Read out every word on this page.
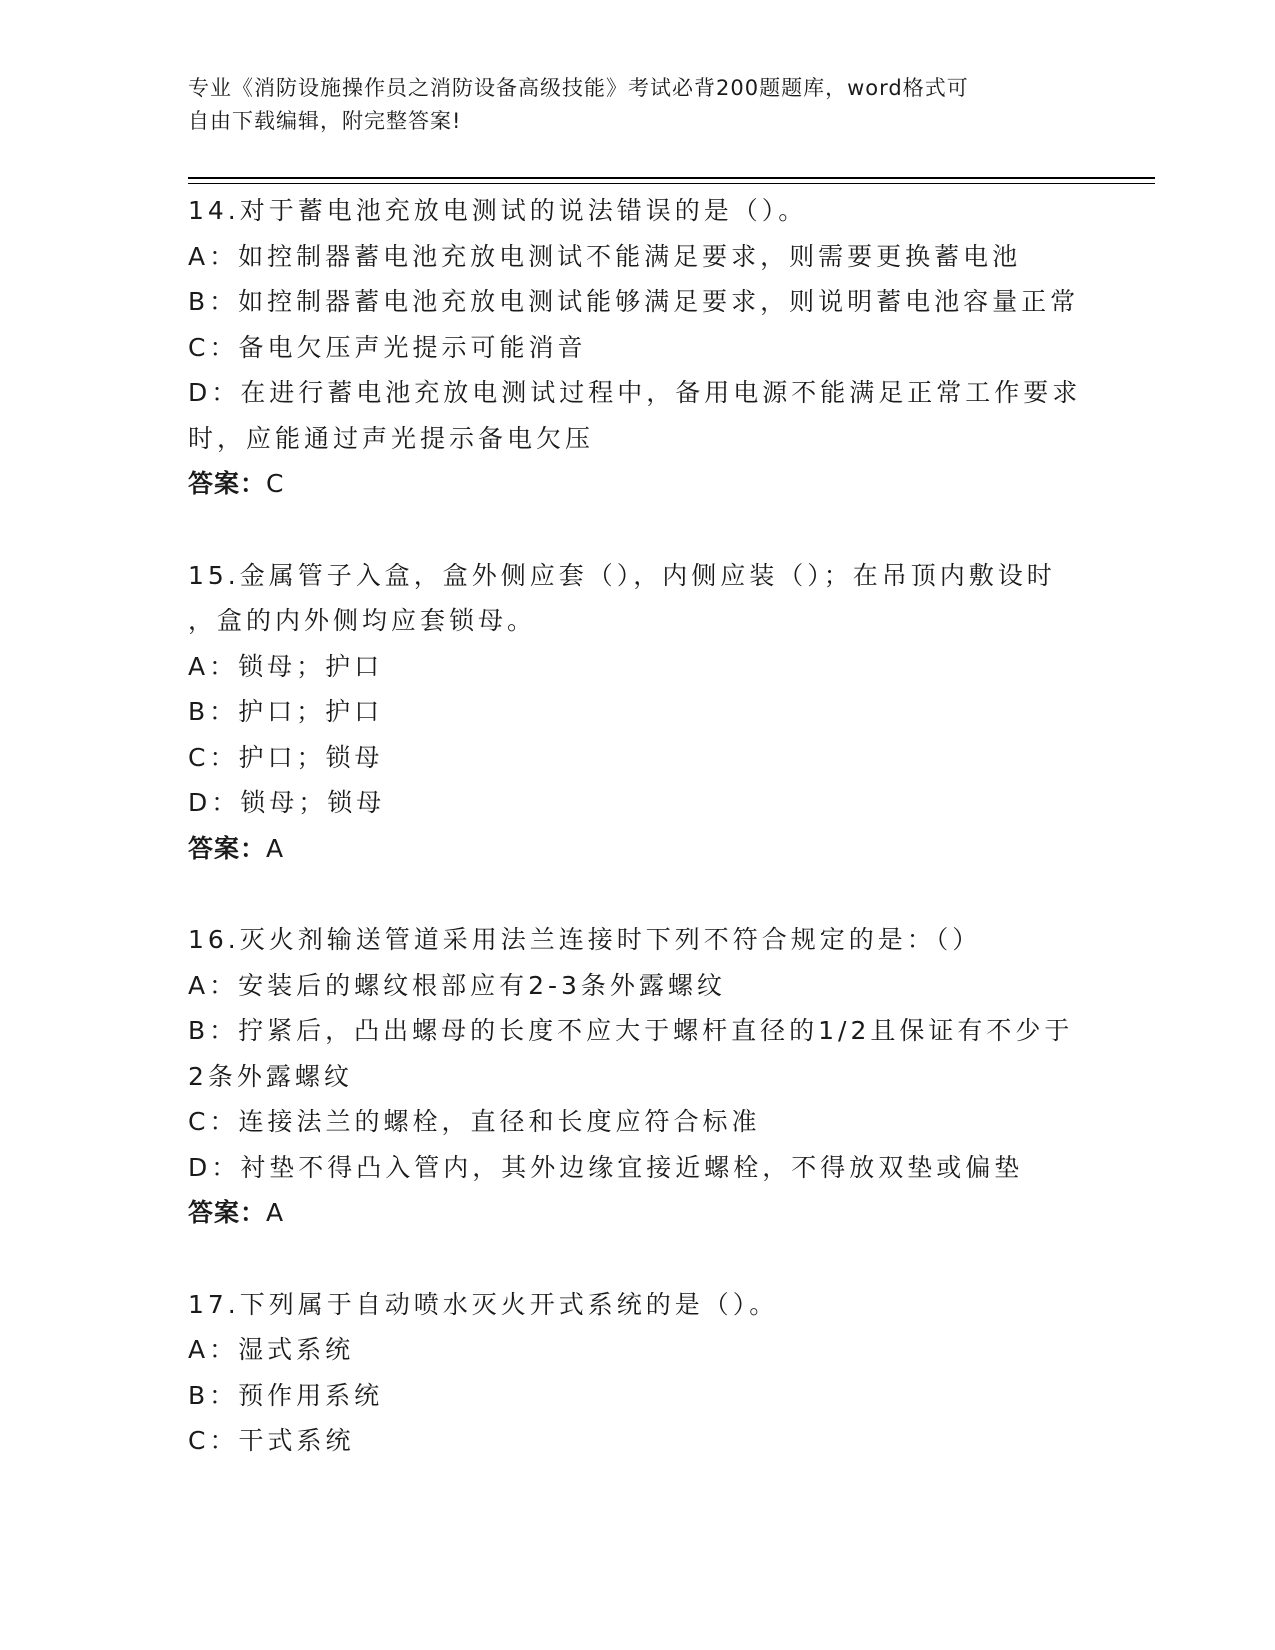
专业《消防设施操作员之消防设备高级技能》考试必背200题题库，word格式可
自由下载编辑，附完整答案!
14.对于蓄电池充放电测试的说法错误的是（）。
A：如控制器蓄电池充放电测试不能满足要求，则需要更换蓄电池
B：如控制器蓄电池充放电测试能够满足要求，则说明蓄电池容量正常
C：备电欠压声光提示可能消音
D：在进行蓄电池充放电测试过程中，备用电源不能满足正常工作要求
时，应能通过声光提示备电欠压
答案：C
15.金属管子入盒，盒外侧应套（），内侧应装（）；在吊顶内敷设时
，盒的内外侧均应套锁母。
A：锁母；护口
B：护口；护口
C：护口；锁母
D：锁母；锁母
答案：A
16.灭火剂输送管道采用法兰连接时下列不符合规定的是：（）
A：安装后的螺纹根部应有2-3条外露螺纹
B：拧紧后，凸出螺母的长度不应大于螺杆直径的1/2且保证有不少于
2条外露螺纹
C：连接法兰的螺栓，直径和长度应符合标准
D：衬垫不得凸入管内，其外边缘宜接近螺栓，不得放双垫或偏垫
答案：A
17.下列属于自动喷水灭火开式系统的是（）。
A：湿式系统
B：预作用系统
C：干式系统
